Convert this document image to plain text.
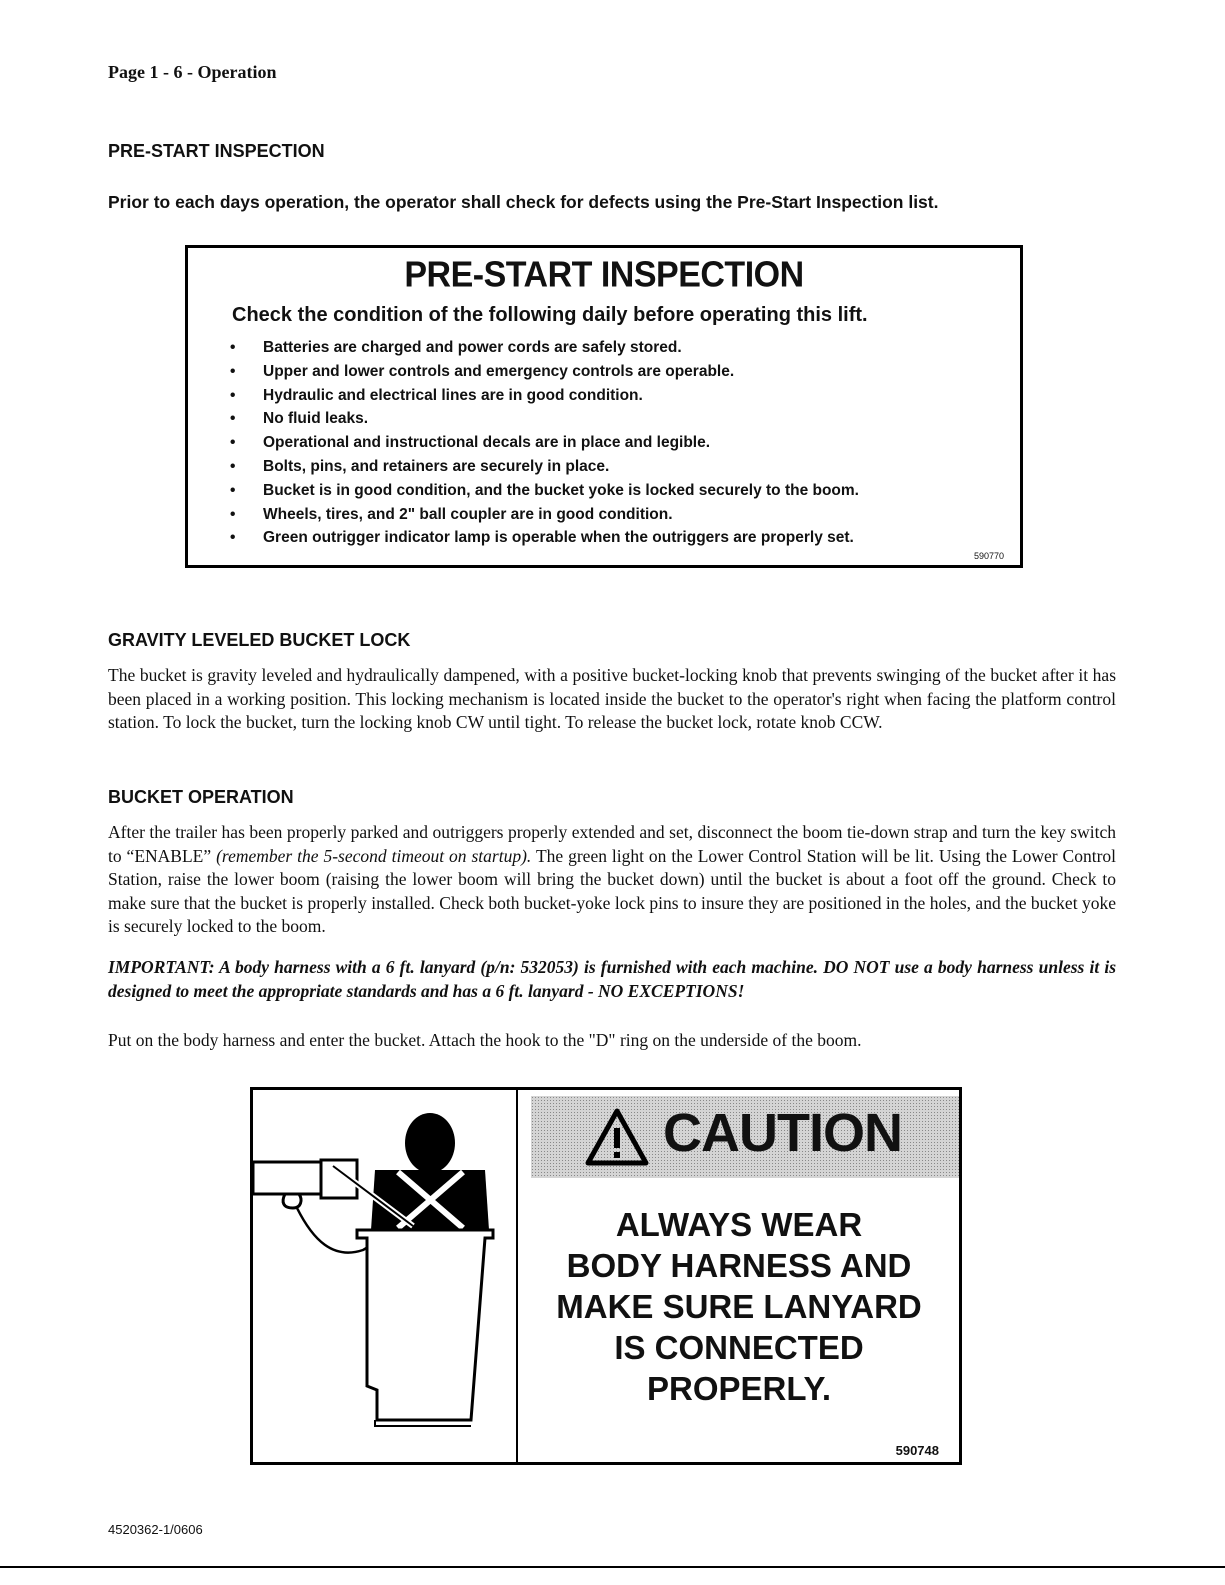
Page 1 - 6 - Operation
PRE-START INSPECTION
Prior to each days operation, the operator shall check for defects using the Pre-Start Inspection list.
PRE-START INSPECTION
Check the condition of the following daily before operating this lift.
• Batteries are charged and power cords are safely stored.
• Upper and lower controls and emergency controls are operable.
• Hydraulic and electrical lines are in good condition.
• No fluid leaks.
• Operational and instructional decals are in place and legible.
• Bolts, pins, and retainers are securely in place.
• Bucket is in good condition, and the bucket yoke is locked securely to the boom.
• Wheels, tires, and 2" ball coupler are in good condition.
• Green outrigger indicator lamp is operable when the outriggers are properly set.
590770
GRAVITY LEVELED BUCKET LOCK
The bucket is gravity leveled and hydraulically dampened, with a positive bucket-locking knob that prevents swinging of the bucket after it has been placed in a working position. This locking mechanism is located inside the bucket to the operator's right when facing the platform control station. To lock the bucket, turn the locking knob CW until tight. To release the bucket lock, rotate knob CCW.
BUCKET OPERATION
After the trailer has been properly parked and outriggers properly extended and set, disconnect the boom tie-down strap and turn the key switch to “ENABLE” (remember the 5-second timeout on startup). The green light on the Lower Control Station will be lit. Using the Lower Control Station, raise the lower boom (raising the lower boom will bring the bucket down) until the bucket is about a foot off the ground. Check to make sure that the bucket is properly installed. Check both bucket-yoke lock pins to insure they are positioned in the holes, and the bucket yoke is securely locked to the boom.
IMPORTANT: A body harness with a 6 ft. lanyard (p/n: 532053) is furnished with each machine. DO NOT use a body harness unless it is designed to meet the appropriate standards and has a 6 ft. lanyard - NO EXCEPTIONS!
Put on the body harness and enter the bucket. Attach the hook to the "D" ring on the underside of the boom.
CAUTION
ALWAYS WEAR
BODY HARNESS AND
MAKE SURE LANYARD
IS CONNECTED
PROPERLY.
590748
4520362-1/0606
